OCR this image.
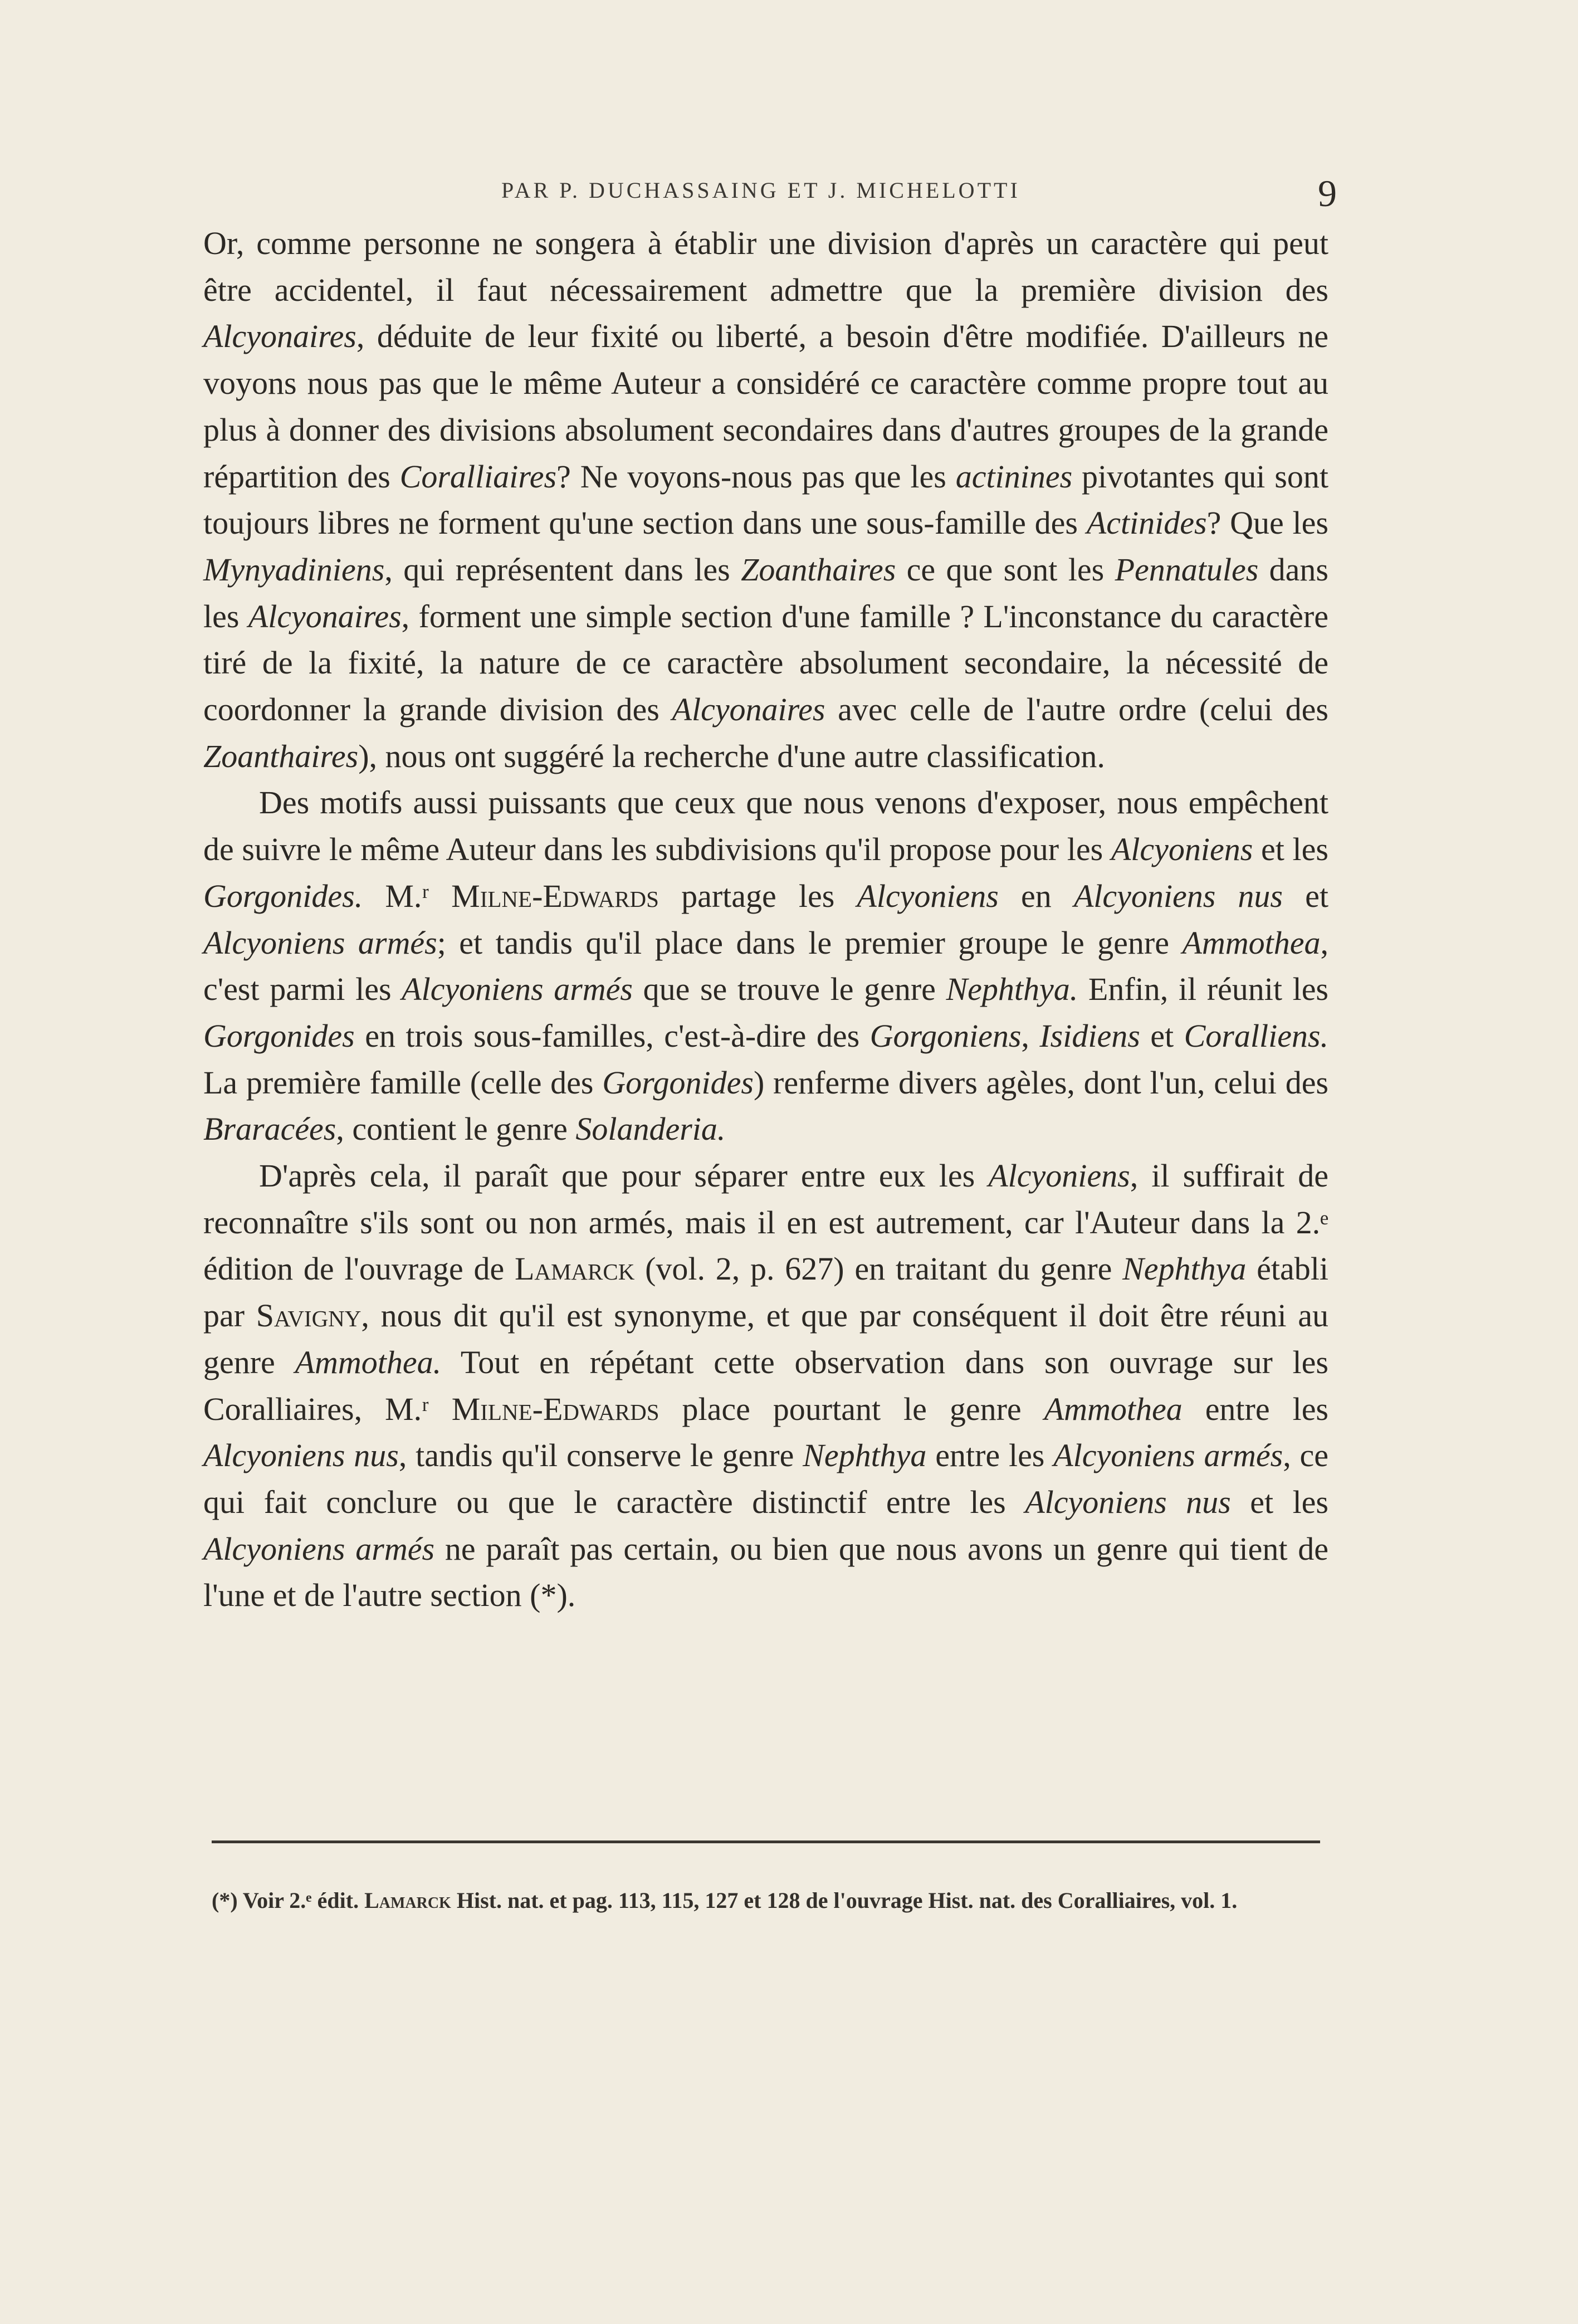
PAR P. DUCHASSAING ET J. MICHELOTTI	9

Or, comme personne ne songera à établir une division d'après un caractère qui peut être accidentel, il faut nécessairement admettre que la première division des Alcyonaires, déduite de leur fixité ou liberté, a besoin d'être modifiée. D'ailleurs ne voyons nous pas que le même Auteur a considéré ce caractère comme propre tout au plus à donner des divisions absolument secondaires dans d'autres groupes de la grande répartition des Coralliaires? Ne voyons-nous pas que les actinines pivotantes qui sont toujours libres ne forment qu'une section dans une sous-famille des Actinides? Que les Mynyadiniens, qui représentent dans les Zoanthaires ce que sont les Pennatules dans les Alcyonaires, forment une simple section d'une famille ? L'inconstance du caractère tiré de la fixité, la nature de ce caractère absolument secondaire, la nécessité de coordonner la grande division des Alcyonaires avec celle de l'autre ordre (celui des Zoanthaires), nous ont suggéré la recherche d'une autre classification.

Des motifs aussi puissants que ceux que nous venons d'exposer, nous empêchent de suivre le même Auteur dans les subdivisions qu'il propose pour les Alcyoniens et les Gorgonides. M.ʳ Milne-Edwards partage les Alcyoniens en Alcyoniens nus et Alcyoniens armés; et tandis qu'il place dans le premier groupe le genre Ammothea, c'est parmi les Alcyoniens armés que se trouve le genre Nephthya. Enfin, il réunit les Gorgonides en trois sous-familles, c'est-à-dire des Gorgoniens, Isidiens et Coralliens. La première famille (celle des Gorgonides) renferme divers agèles, dont l'un, celui des Braracées, contient le genre Solanderia.

D'après cela, il paraît que pour séparer entre eux les Alcyoniens, il suffirait de reconnaître s'ils sont ou non armés, mais il en est autrement, car l'Auteur dans la 2.ᵉ édition de l'ouvrage de Lamarck (vol. 2, p. 627) en traitant du genre Nephthya établi par Savigny, nous dit qu'il est synonyme, et que par conséquent il doit être réuni au genre Ammothea. Tout en répétant cette observation dans son ouvrage sur les Coralliaires, M.ʳ Milne-Edwards place pourtant le genre Ammothea entre les Alcyoniens nus, tandis qu'il conserve le genre Nephthya entre les Alcyoniens armés, ce qui fait conclure ou que le caractère distinctif entre les Alcyoniens nus et les Alcyoniens armés ne paraît pas certain, ou bien que nous avons un genre qui tient de l'une et de l'autre section (*).

(*) Voir 2.ᵉ édit. Lamarck Hist. nat. et pag. 113, 115, 127 et 128 de l'ouvrage Hist. nat. des Coralliaires, vol. 1.
